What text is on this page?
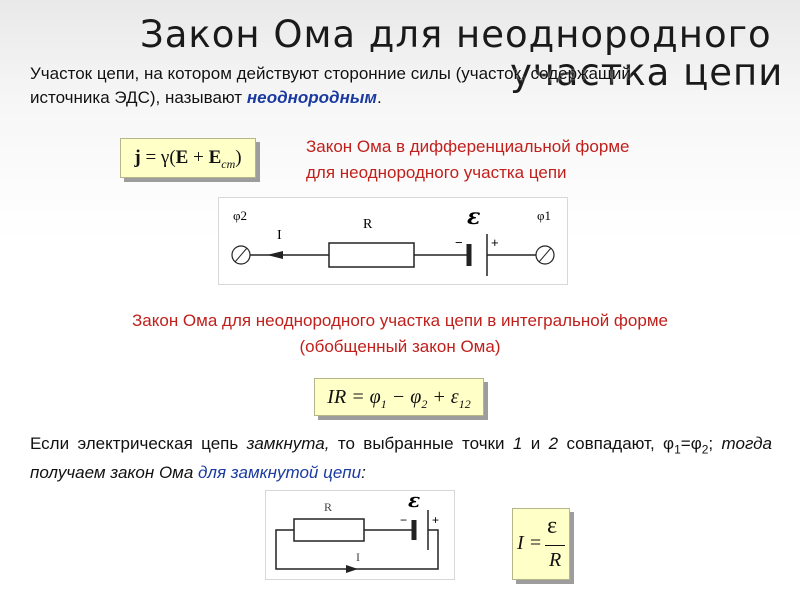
Закон Ома для неоднородного
участка цепи
Участок цепи, на котором действуют сторонние силы (участок, содержащий источника ЭДС), называют неоднородным.
$j = \gamma(E + E_{ст})$
Закон Ома в дифференциальной форме
для неоднородного участка цепи
φ2	φ1
I
R	ε
− +
Закон Ома для неоднородного участка цепи в интегральной форме
(обобщенный закон Ома)
IR = $\varphi_1 - \varphi_2 + \varepsilon_{12}$
Если электрическая цепь замкнута, то выбранные точки 1 и 2 совпадают, $\varphi_1=\varphi_2$; тогда получаем закон Ома для замкнутой цепи:
R	ε
− +
I
I =
ε
R
